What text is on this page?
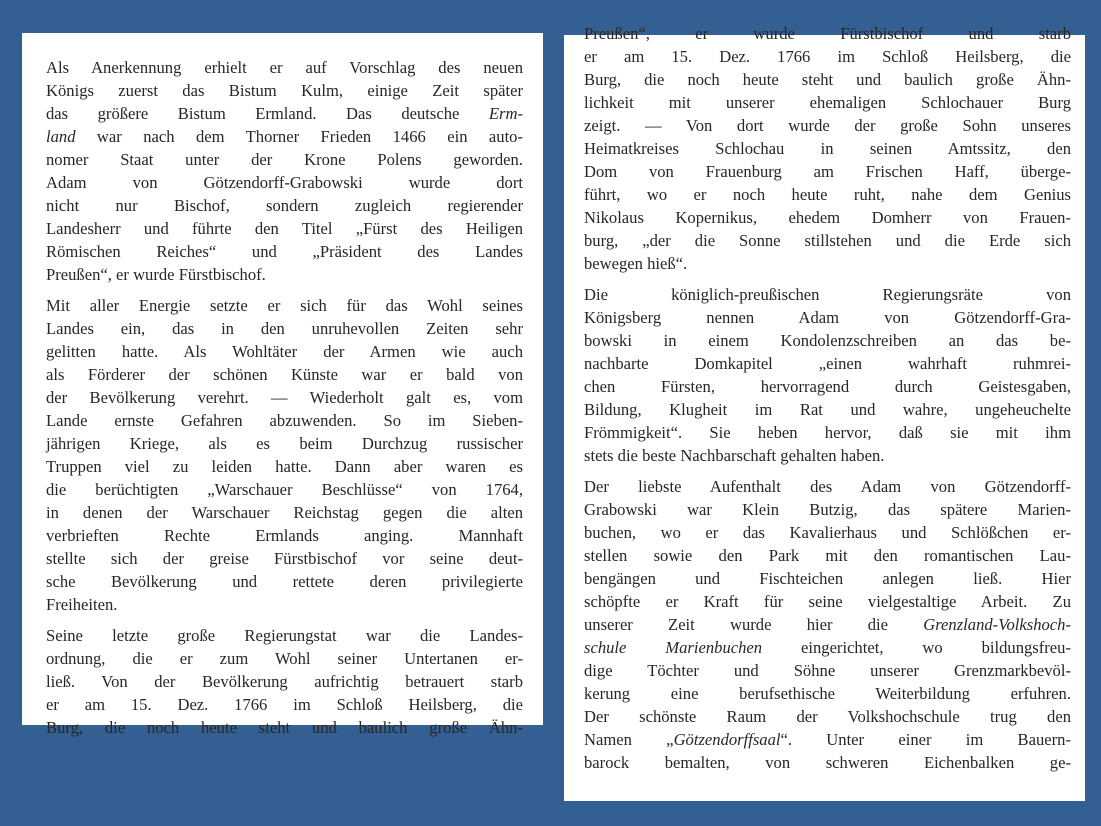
Als Anerkennung erhielt er auf Vorschlag des neuen
Königs zuerst das Bistum Kulm, einige Zeit später
das größere Bistum Ermland. Das deutsche Erm-
land war nach dem Thorner Frieden 1466 ein auto-
nomer Staat unter der Krone Polens geworden.
Adam von Götzendorff-Grabowski wurde dort
nicht nur Bischof, sondern zugleich regierender
Landesherr und führte den Titel „Fürst des Heiligen
Römischen Reiches“ und „Präsident des Landes
Preußen“, er wurde Fürstbischof.
Mit aller Energie setzte er sich für das Wohl seines
Landes ein, das in den unruhevollen Zeiten sehr
gelitten hatte. Als Wohltäter der Armen wie auch
als Förderer der schönen Künste war er bald von
der Bevölkerung verehrt. — Wiederholt galt es, vom
Lande ernste Gefahren abzuwenden. So im Sieben-
jährigen Kriege, als es beim Durchzug russischer
Truppen viel zu leiden hatte. Dann aber waren es
die berüchtigten „Warschauer Beschlüsse“ von 1764,
in denen der Warschauer Reichstag gegen die alten
verbrieften Rechte Ermlands anging. Mannhaft
stellte sich der greise Fürstbischof vor seine deut-
sche Bevölkerung und rettete deren privilegierte
Freiheiten.
Seine letzte große Regierungstat war die Landes-
ordnung, die er zum Wohl seiner Untertanen er-
ließ. Von der Bevölkerung aufrichtig betrauert starb
er am 15. Dez. 1766 im Schloß Heilsberg, die
Burg, die noch heute steht und baulich große Ähn-
Preußen“, er wurde Fürstbischof und starb
er am 15. Dez. 1766 im Schloß Heilsberg, die
Burg, die noch heute steht und baulich große Ähn-
lichkeit mit unserer ehemaligen Schlochauer Burg
zeigt. — Von dort wurde der große Sohn unseres
Heimatkreises Schlochau in seinen Amtssitz, den
Dom von Frauenburg am Frischen Haff, überge-
führt, wo er noch heute ruht, nahe dem Genius
Nikolaus Kopernikus, ehedem Domherr von Frauen-
burg, „der die Sonne stillstehen und die Erde sich
bewegen hieß“.
Die königlich-preußischen Regierungsräte von
Königsberg nennen Adam von Götzendorff-Gra-
bowski in einem Kondolenzschreiben an das be-
nachbarte Domkapitel „einen wahrhaft ruhmrei-
chen Fürsten, hervorragend durch Geistesgaben,
Bildung, Klugheit im Rat und wahre, ungeheuchelte
Frömmigkeit“. Sie heben hervor, daß sie mit ihm
stets die beste Nachbarschaft gehalten haben.
Der liebste Aufenthalt des Adam von Götzendorff-
Grabowski war Klein Butzig, das spätere Marien-
buchen, wo er das Kavalierhaus und Schlößchen er-
stellen sowie den Park mit den romantischen Lau-
bengängen und Fischteichen anlegen ließ. Hier
schöpfte er Kraft für seine vielgestaltige Arbeit. Zu
unserer Zeit wurde hier die Grenzland-Volkshoch-
schule Marienbuchen eingerichtet, wo bildungsfreu-
dige Töchter und Söhne unserer Grenzmarkbevöl-
kerung eine berufsethische Weiterbildung erfuhren.
Der schönste Raum der Volkshochschule trug den
Namen „Götzendorffsaal“. Unter einer im Bauern-
barock bemalten, von schweren Eichenbalken ge-
